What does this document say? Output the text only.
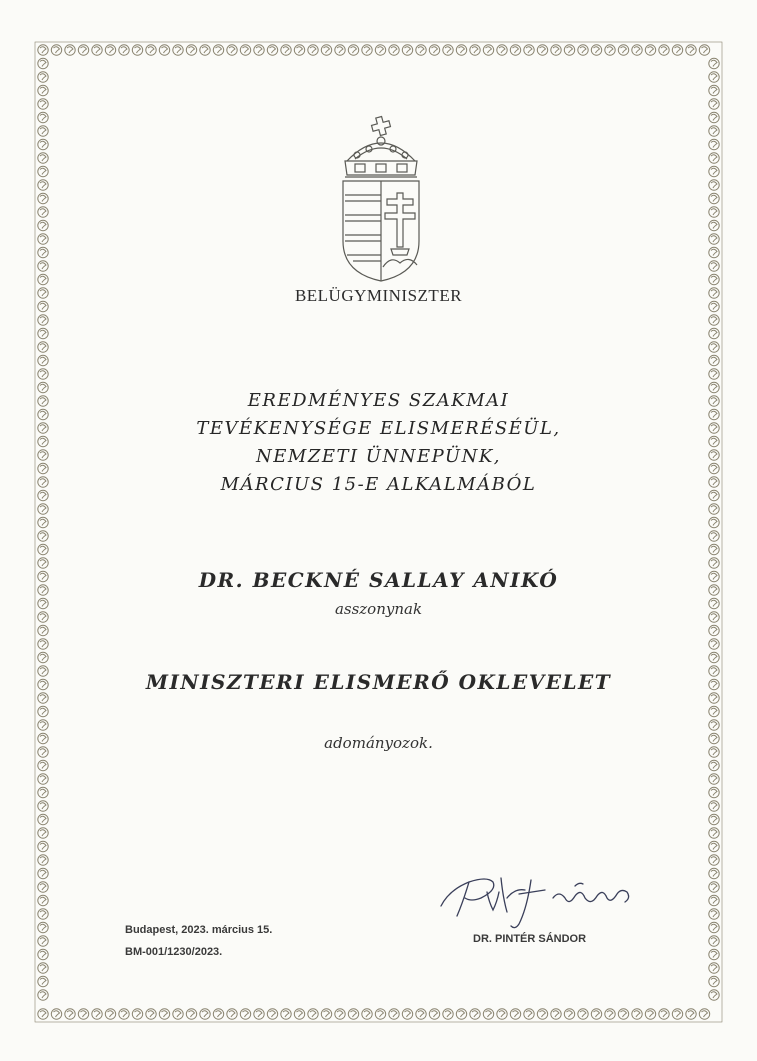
BELÜGYMINISZTER
EREDMÉNYES SZAKMAI
TEVÉKENYSÉGE ELISMERÉSÉÜL,
NEMZETI ÜNNEPÜNK,
MÁRCIUS 15-E ALKALMÁBÓL
DR. BECKNÉ SALLAY ANIKÓ
asszonynak
MINISZTERI ELISMERŐ OKLEVELET
adományozok.
Budapest, 2023. március 15.
BM-001/1230/2023.
DR. PINTÉR SÁNDOR
